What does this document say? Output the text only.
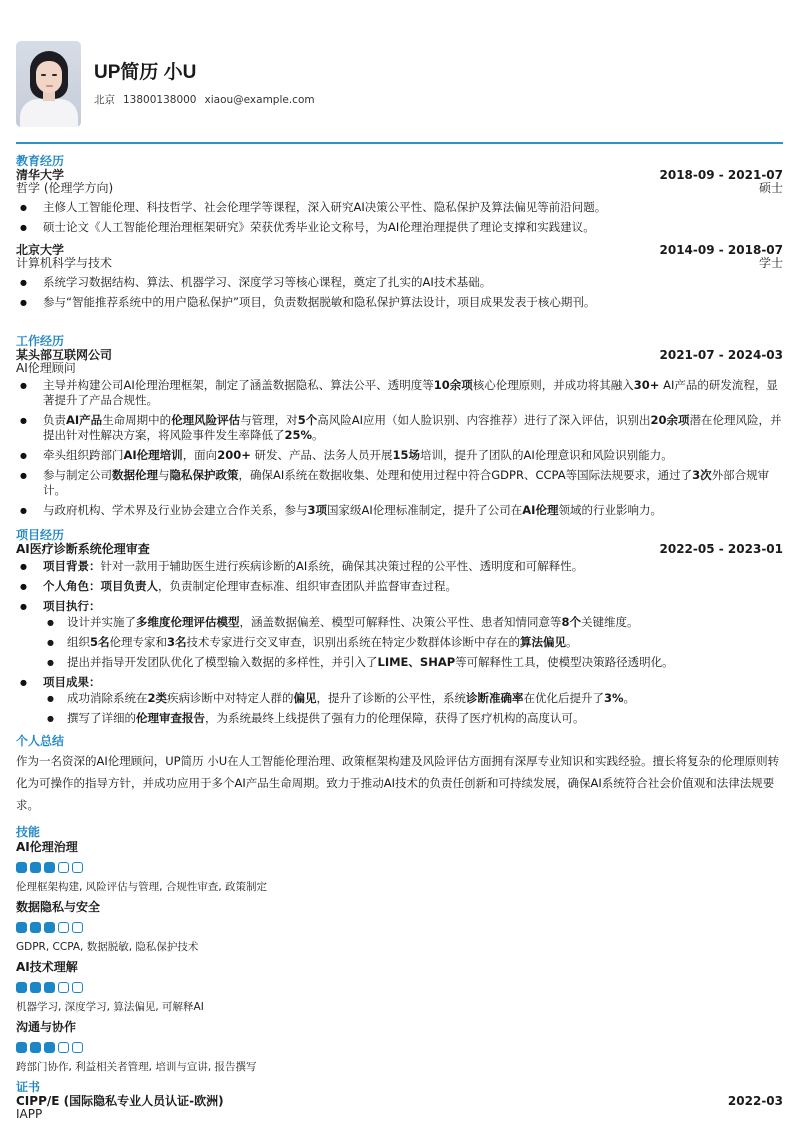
UP简历 小U
北京 13800138000 xiaou@example.com
教育经历
清华大学	2018-09 - 2021-07
哲学 (伦理学方向)	硕士
● 主修人工智能伦理、科技哲学、社会伦理学等课程，深入研究AI决策公平性、隐私保护及算法偏见等前沿问题。
● 硕士论文《人工智能伦理治理框架研究》荣获优秀毕业论文称号，为AI伦理治理提供了理论支撑和实践建议。
北京大学	2014-09 - 2018-07
计算机科学与技术	学士
● 系统学习数据结构、算法、机器学习、深度学习等核心课程，奠定了扎实的AI技术基础。
● 参与“智能推荐系统中的用户隐私保护”项目，负责数据脱敏和隐私保护算法设计，项目成果发表于核心期刊。
工作经历
某头部互联网公司	2021-07 - 2024-03
AI伦理顾问
● 主导并构建公司AI伦理治理框架，制定了涵盖数据隐私、算法公平、透明度等10余项核心伦理原则，并成功将其融入30+ AI产品的研发流程，显著提升了产品合规性。
● 负责AI产品生命周期中的伦理风险评估与管理，对5个高风险AI应用（如人脸识别、内容推荐）进行了深入评估，识别出20余项潜在伦理风险，并提出针对性解决方案，将风险事件发生率降低了25%。
● 牵头组织跨部门AI伦理培训，面向200+ 研发、产品、法务人员开展15场培训，提升了团队的AI伦理意识和风险识别能力。
● 参与制定公司数据伦理与隐私保护政策，确保AI系统在数据收集、处理和使用过程中符合GDPR、CCPA等国际法规要求，通过了3次外部合规审计。
● 与政府机构、学术界及行业协会建立合作关系，参与3项国家级AI伦理标准制定，提升了公司在AI伦理领域的行业影响力。
项目经历
AI医疗诊断系统伦理审查	2022-05 - 2023-01
● 项目背景：针对一款用于辅助医生进行疾病诊断的AI系统，确保其决策过程的公平性、透明度和可解释性。
● 个人角色：项目负责人，负责制定伦理审查标准、组织审查团队并监督审查过程。
● 项目执行：
● 设计并实施了多维度伦理评估模型，涵盖数据偏差、模型可解释性、决策公平性、患者知情同意等8个关键维度。
● 组织5名伦理专家和3名技术专家进行交叉审查，识别出系统在特定少数群体诊断中存在的算法偏见。
● 提出并指导开发团队优化了模型输入数据的多样性，并引入了LIME、SHAP等可解释性工具，使模型决策路径透明化。
● 项目成果：
● 成功消除系统在2类疾病诊断中对特定人群的偏见，提升了诊断的公平性，系统诊断准确率在优化后提升了3%。
● 撰写了详细的伦理审查报告，为系统最终上线提供了强有力的伦理保障，获得了医疗机构的高度认可。
个人总结
作为一名资深的AI伦理顾问，UP简历 小U在人工智能伦理治理、政策框架构建及风险评估方面拥有深厚专业知识和实践经验。擅长将复杂的伦理原则转化为可操作的指导方针，并成功应用于多个AI产品生命周期。致力于推动AI技术的负责任创新和可持续发展，确保AI系统符合社会价值观和法律法规要求。
技能
AI伦理治理
伦理框架构建, 风险评估与管理, 合规性审查, 政策制定
数据隐私与安全
GDPR, CCPA, 数据脱敏, 隐私保护技术
AI技术理解
机器学习, 深度学习, 算法偏见, 可解释AI
沟通与协作
跨部门协作, 利益相关者管理, 培训与宣讲, 报告撰写
证书
CIPP/E (国际隐私专业人员认证-欧洲)	2022-03
IAPP
